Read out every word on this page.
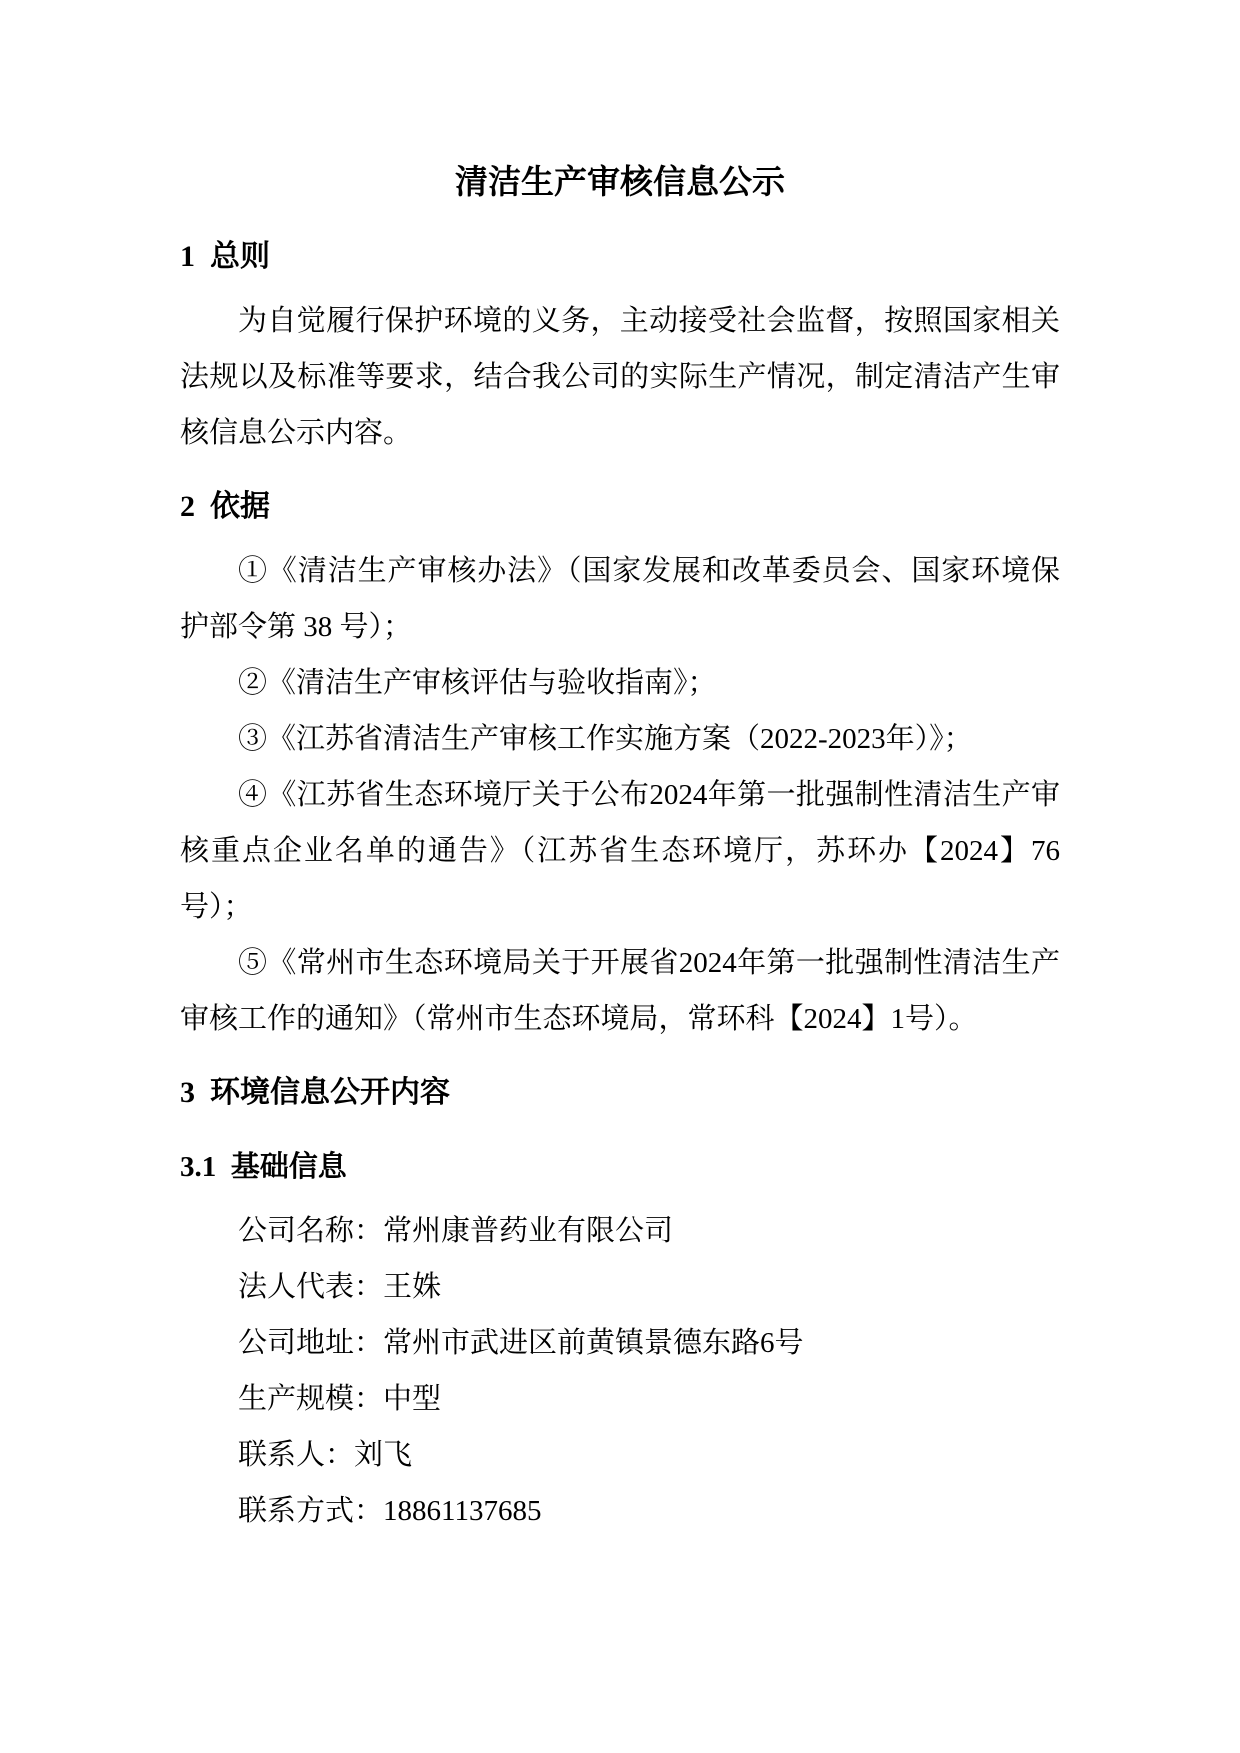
清洁生产审核信息公示
1  总则

为自觉履行保护环境的义务，主动接受社会监督，按照国家相关法规以及标准等要求，结合我公司的实际生产情况，制定清洁产生审核信息公示内容。

2  依据

①《清洁生产审核办法》（国家发展和改革委员会、国家环境保护部令第 38 号）；

②《清洁生产审核评估与验收指南》；

③《江苏省清洁生产审核工作实施方案（2022-2023年）》；

④《江苏省生态环境厅关于公布2024年第一批强制性清洁生产审核重点企业名单的通告》（江苏省生态环境厅，苏环办【2024】76号）；

⑤《常州市生态环境局关于开展省2024年第一批强制性清洁生产审核工作的通知》（常州市生态环境局，常环科【2024】1号）。

3  环境信息公开内容
3.1  基础信息

公司名称：常州康普药业有限公司

法人代表：王姝

公司地址：常州市武进区前黄镇景德东路6号

生产规模：中型

联系人：刘飞

联系方式：18861137685
